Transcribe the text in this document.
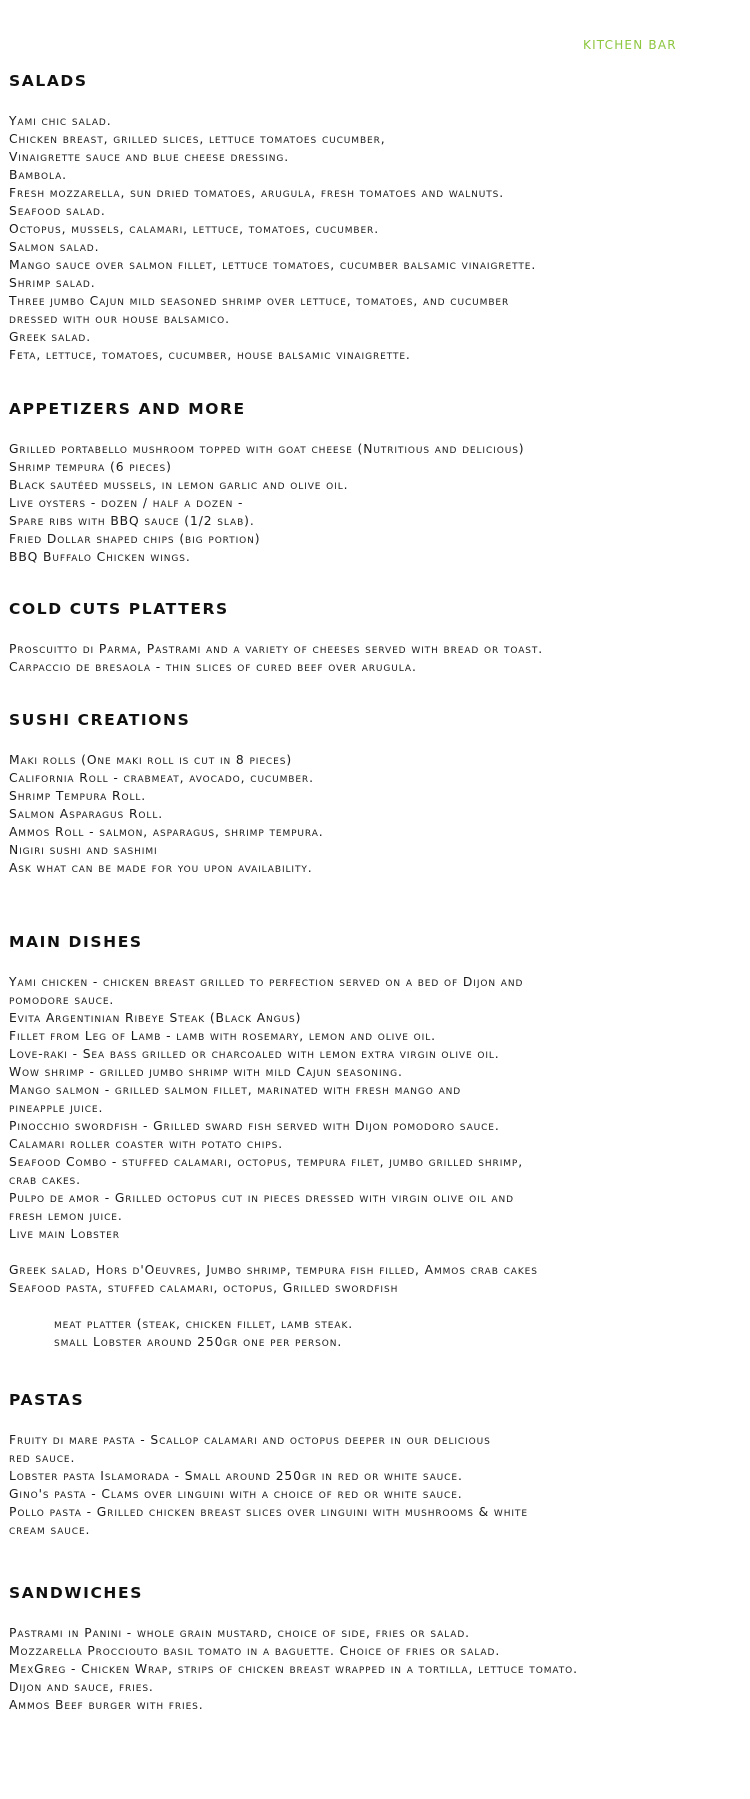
KITCHEN BAR
SALADS
Yami chic salad.
Chicken breast, grilled slices, lettuce tomatoes cucumber,
Vinaigrette sauce and blue cheese dressing.
Bambola.
Fresh mozzarella, sun dried tomatoes, arugula, fresh tomatoes and walnuts.
Seafood salad.
Octopus, mussels, calamari, lettuce, tomatoes, cucumber.
Salmon salad.
Mango sauce over salmon fillet, lettuce tomatoes, cucumber balsamic vinaigrette.
Shrimp salad.
Three jumbo Cajun mild seasoned shrimp over lettuce, tomatoes, and cucumber
dressed with our house balsamico.
Greek salad.
Feta, lettuce, tomatoes, cucumber, house balsamic vinaigrette.
APPETIZERS AND MORE
Grilled portabello mushroom topped with goat cheese (Nutritious and delicious)
Shrimp tempura (6 pieces)
Black sautéed mussels, in lemon garlic and olive oil.
Live oysters - dozen / half a dozen -
Spare ribs with BBQ sauce (1/2 slab).
Fried Dollar shaped chips (big portion)
BBQ Buffalo Chicken wings.
COLD CUTS PLATTERS
Proscuitto di Parma, Pastrami and a variety of cheeses served with bread or toast.
Carpaccio de bresaola - thin slices of cured beef over arugula.
SUSHI CREATIONS
Maki rolls (One maki roll is cut in 8 pieces)
California Roll - crabmeat, avocado, cucumber.
Shrimp Tempura Roll.
Salmon Asparagus Roll.
Ammos Roll - salmon, asparagus, shrimp tempura.
Nigiri sushi and sashimi
Ask what can be made for you upon availability.
MAIN DISHES
Yami chicken - chicken breast grilled to perfection served on a bed of Dijon and
pomodore sauce.
Evita Argentinian Ribeye Steak (Black Angus)
Fillet from Leg of Lamb - lamb with rosemary, lemon and olive oil.
Love-raki - Sea bass grilled or charcoaled with lemon extra virgin olive oil.
Wow shrimp - grilled jumbo shrimp with mild Cajun seasoning.
Mango salmon - grilled salmon fillet, marinated with fresh mango and
pineapple juice.
Pinocchio swordfish - Grilled sward fish served with Dijon pomodoro sauce.
Calamari roller coaster with potato chips.
Seafood Combo - stuffed calamari, octopus, tempura filet, jumbo grilled shrimp,
crab cakes.
Pulpo de amor - Grilled octopus cut in pieces dressed with virgin olive oil and
fresh lemon juice.
Live main Lobster
Greek salad, Hors d'Oeuvres, Jumbo shrimp, tempura fish filled, Ammos crab cakes
Seafood pasta, stuffed calamari, octopus, Grilled swordfish
meat platter (steak, chicken fillet, lamb steak.
small Lobster around 250gr one per person.
PASTAS
Fruity di mare pasta - Scallop calamari and octopus deeper in our delicious
red sauce.
Lobster pasta Islamorada - Small around 250gr in red or white sauce.
Gino's pasta - Clams over linguini with a choice of red or white sauce.
Pollo pasta - Grilled chicken breast slices over linguini with mushrooms & white
cream sauce.
SANDWICHES
Pastrami in Panini - whole grain mustard, choice of side, fries or salad.
Mozzarella Procciouto basil tomato in a baguette. Choice of fries or salad.
MexGreg - Chicken Wrap, strips of chicken breast wrapped in a tortilla, lettuce tomato.
Dijon and sauce, fries.
Ammos Beef burger with fries.
